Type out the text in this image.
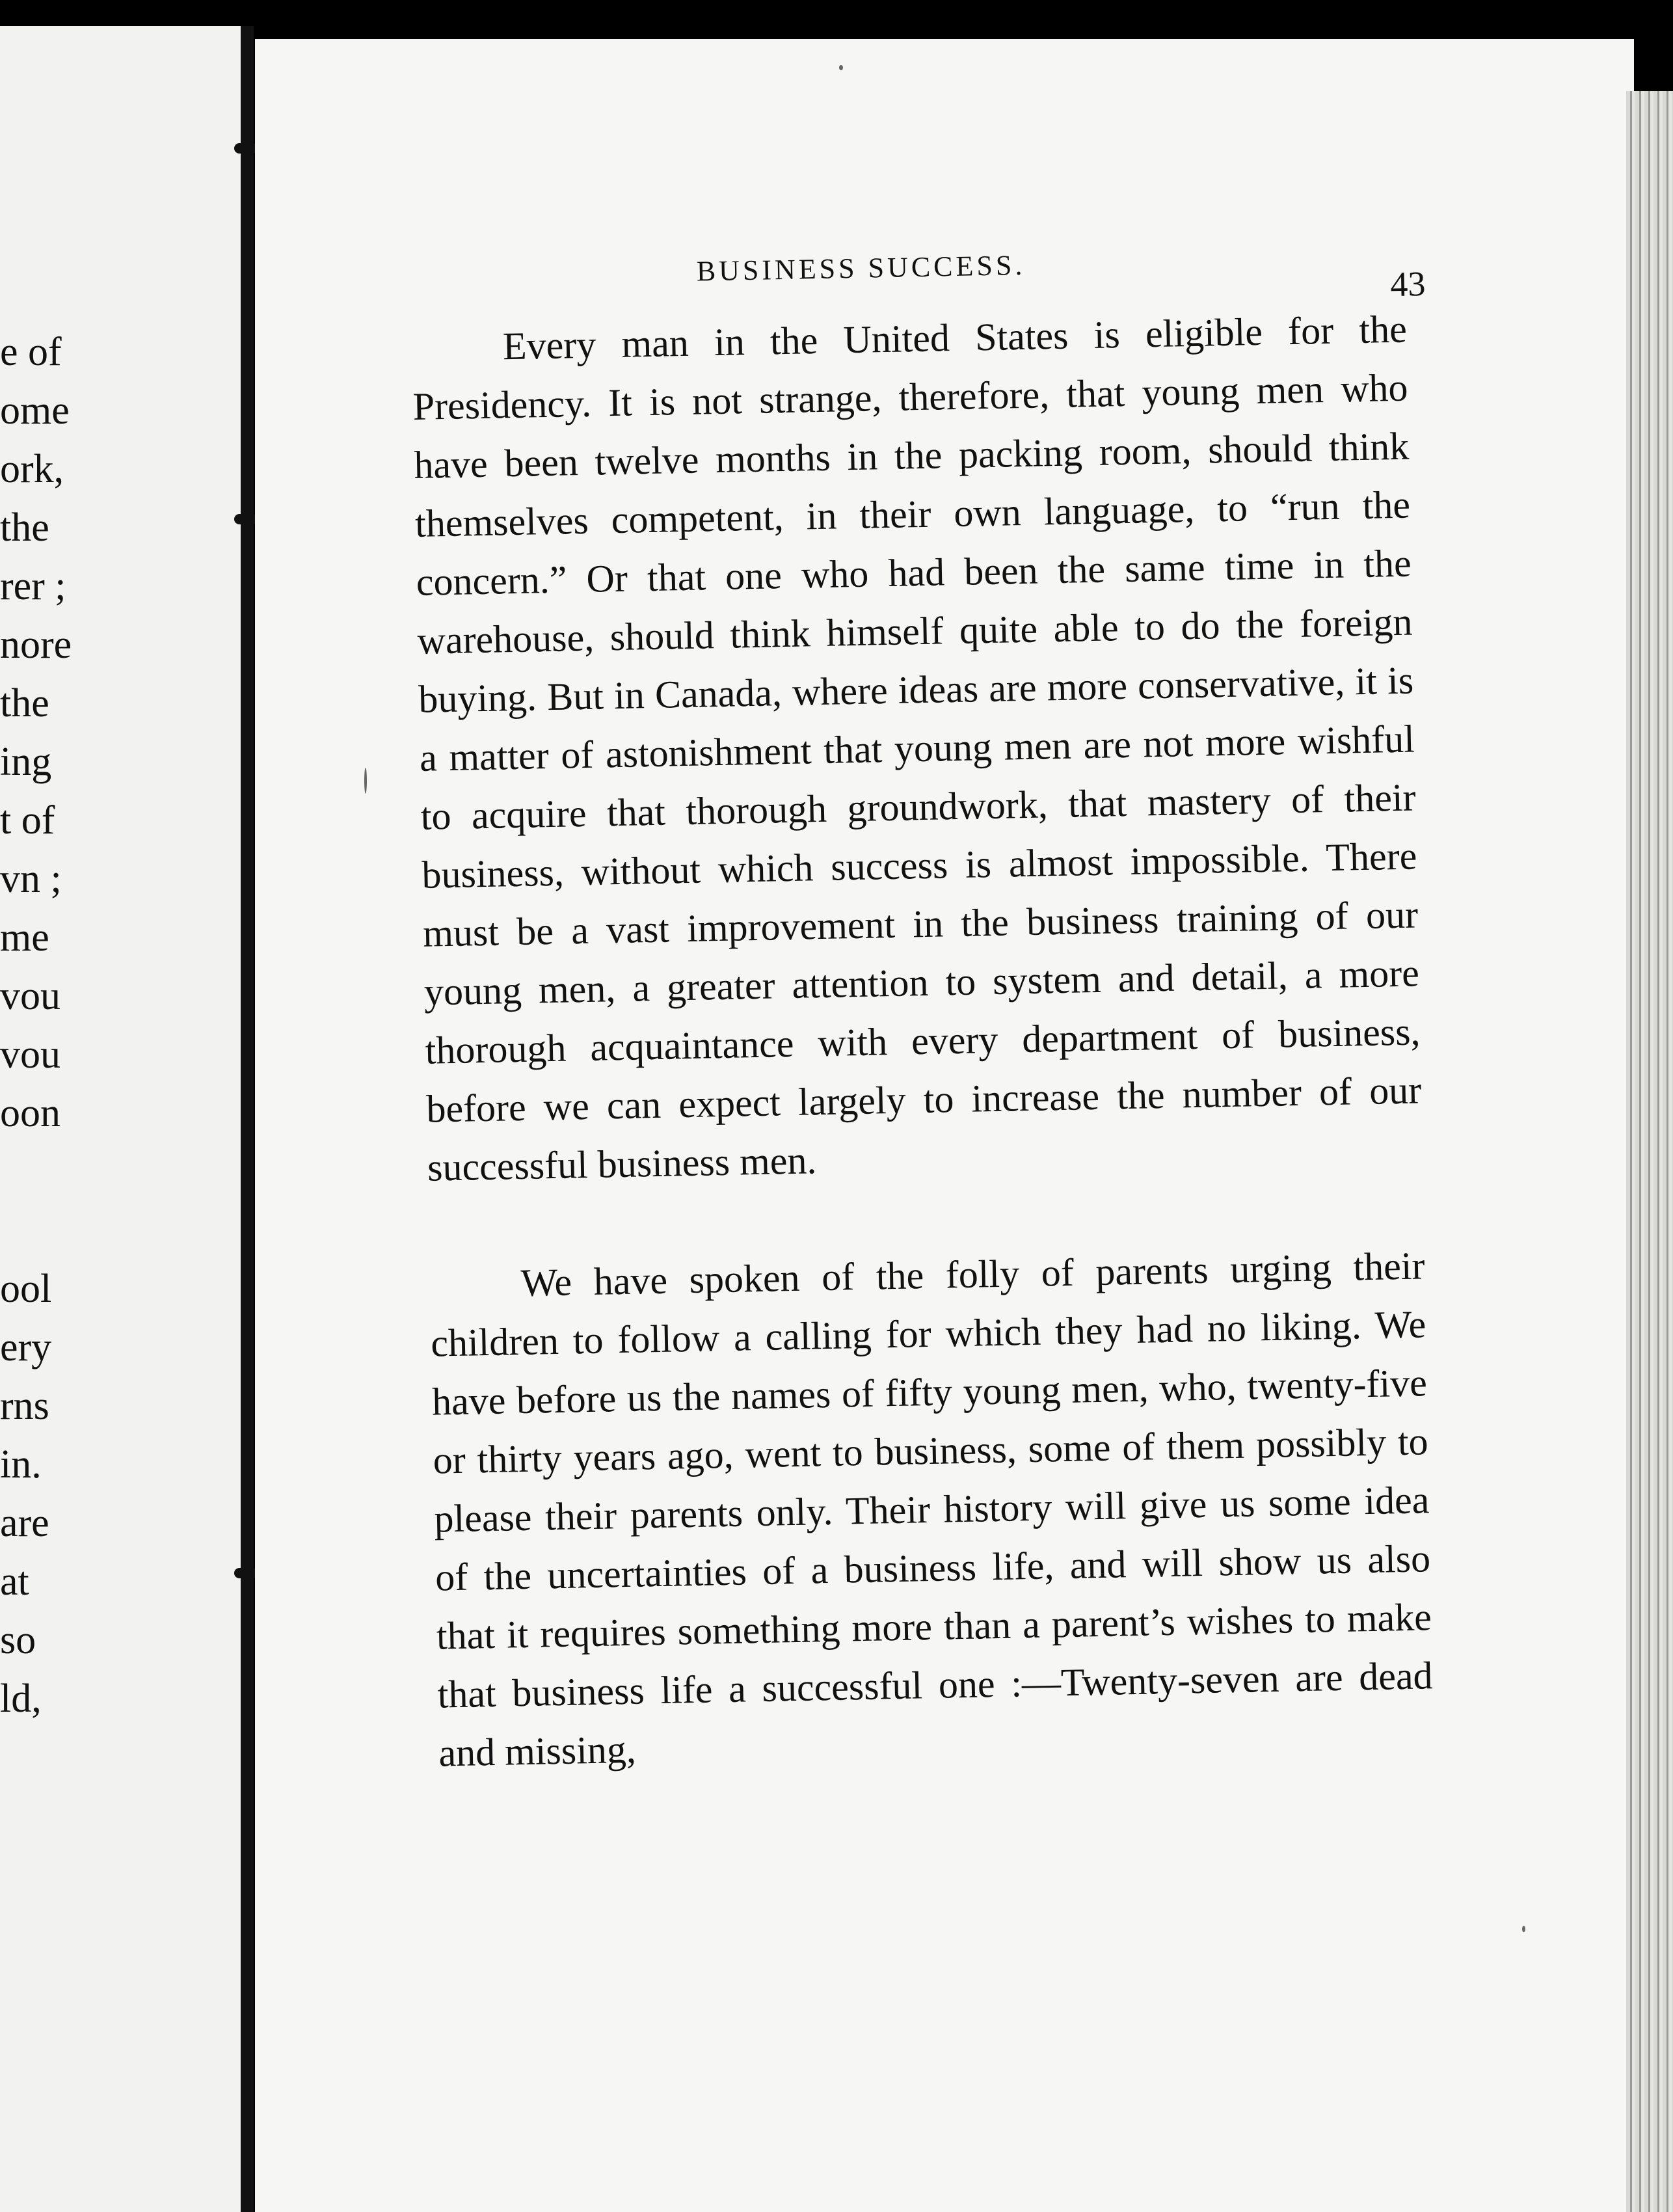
e of
ome
ork,
the
rer ;
nore
the
ing
t of
vn ;
me
vou
vou
oon
ool
ery
rns
in.
are
at
so
ld,
BUSINESS SUCCESS.	43

Every man in the United States is eligible for the Presidency. It is not strange, therefore, that young men who have been twelve months in the packing room, should think themselves competent, in their own language, to “run the concern.” Or that one who had been the same time in the warehouse, should think himself quite able to do the foreign buying. But in Canada, where ideas are more conservative, it is a matter of astonishment that young men are not more wishful to acquire that thorough groundwork, that mastery of their business, without which success is almost impossible. There must be a vast improvement in the business training of our young men, a greater attention to system and detail, a more thorough acquaintance with every department of business, before we can expect largely to increase the number of our successful business men.

We have spoken of the folly of parents urging their children to follow a calling for which they had no liking. We have before us the names of fifty young men, who, twenty-five or thirty years ago, went to business, some of them possibly to please their parents only. Their history will give us some idea of the uncertainties of a business life, and will show us also that it requires something more than a parent’s wishes to make that business life a successful one :—Twenty-seven are dead and missing,
